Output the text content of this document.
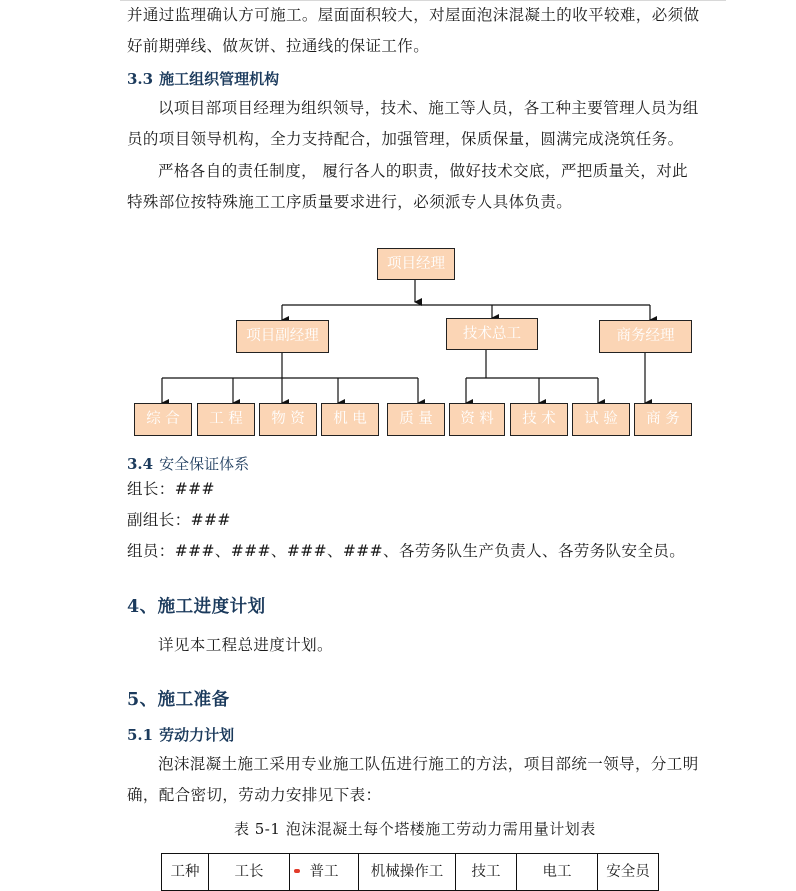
并通过监理确认方可施工。屋面面积较大，对屋面泡沫混凝土的收平较难，必须做
好前期弹线、做灰饼、拉通线的保证工作。
3.3 施工组织管理机构
以项目部项目经理为组织领导，技术、施工等人员，各工种主要管理人员为组
员的项目领导机构，全力支持配合，加强管理，保质保量，圆满完成浇筑任务。
严格各自的责任制度， 履行各人的职责，做好技术交底，严把质量关，对此
特殊部位按特殊施工工序质量要求进行，必须派专人具体负责。
项目经理
项目副经理	技术总工	商务经理
综 合	工 程	物 资	机 电	质 量	资 料	技 术	试 验	商 务
3.4 安全保证体系
组长：###
副组长：###
组员：###、###、###、###、各劳务队生产负责人、各劳务队安全员。
4、施工进度计划
详见本工程总进度计划。
5、施工准备
5.1 劳动力计划
泡沫混凝土施工采用专业施工队伍进行施工的方法，项目部统一领导，分工明
确，配合密切，劳动力安排见下表：
表 5-1 泡沫混凝土每个塔楼施工劳动力需用量计划表
工种	工长	普工	机械操作工	技工	电工	安全员
